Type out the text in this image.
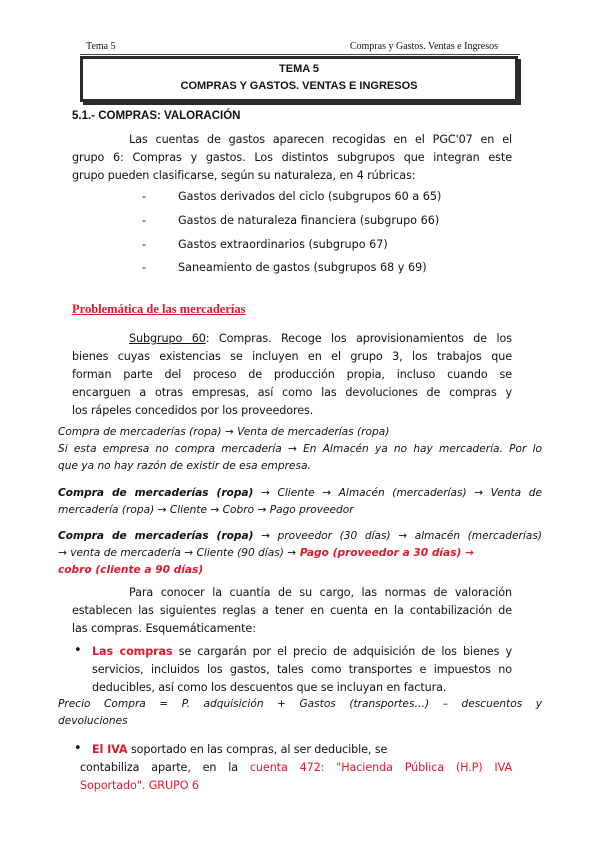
Tema 5	Compras y Gastos. Ventas e Ingresos
TEMA 5
COMPRAS Y GASTOS. VENTAS E INGRESOS
5.1.- COMPRAS: VALORACIÓN
Las cuentas de gastos aparecen recogidas en el PGC'07 en el
grupo 6: Compras y gastos. Los distintos subgrupos que integran este
grupo pueden clasificarse, según su naturaleza, en 4 rúbricas:
-	Gastos derivados del ciclo (subgrupos 60 a 65)
-	Gastos de naturaleza financiera (subgrupo 66)
-	Gastos extraordinarios (subgrupo 67)
-	Saneamiento de gastos (subgrupos 68 y 69)
Problemática de las mercaderías
Subgrupo 60: Compras. Recoge los aprovisionamientos de los
bienes cuyas existencias se incluyen en el grupo 3, los trabajos que
forman parte del proceso de producción propia, incluso cuando se
encarguen a otras empresas, así como las devoluciones de compras y
los rápeles concedidos por los proveedores.
Compra de mercaderías (ropa) → Venta de mercaderías (ropa)
Si esta empresa no compra mercadería → En Almacén ya no hay mercadería. Por lo
que ya no hay razón de existir de esa empresa.
Compra de mercaderías (ropa) → Cliente → Almacén (mercaderías) → Venta de
mercadería (ropa) → Cliente → Cobro → Pago proveedor
Compra de mercaderías (ropa) → proveedor (30 días) → almacén (mercaderías)
→ venta de mercadería → Cliente (90 días) → Pago (proveedor a 30 días) →
cobro (cliente a 90 días)
Para conocer la cuantía de su cargo, las normas de valoración
establecen las siguientes reglas a tener en cuenta en la contabilización de
las compras. Esquemáticamente:
• Las compras se cargarán por el precio de adquisición de los bienes y
servicios, incluidos los gastos, tales como transportes e impuestos no
deducibles, así como los descuentos que se incluyan en factura.
Precio Compra = P. adquisición + Gastos (transportes…) – descuentos y
devoluciones
• El IVA soportado en las compras, al ser deducible, se
contabiliza aparte, en la cuenta 472: "Hacienda Pública (H.P) IVA
Soportado". GRUPO 6
